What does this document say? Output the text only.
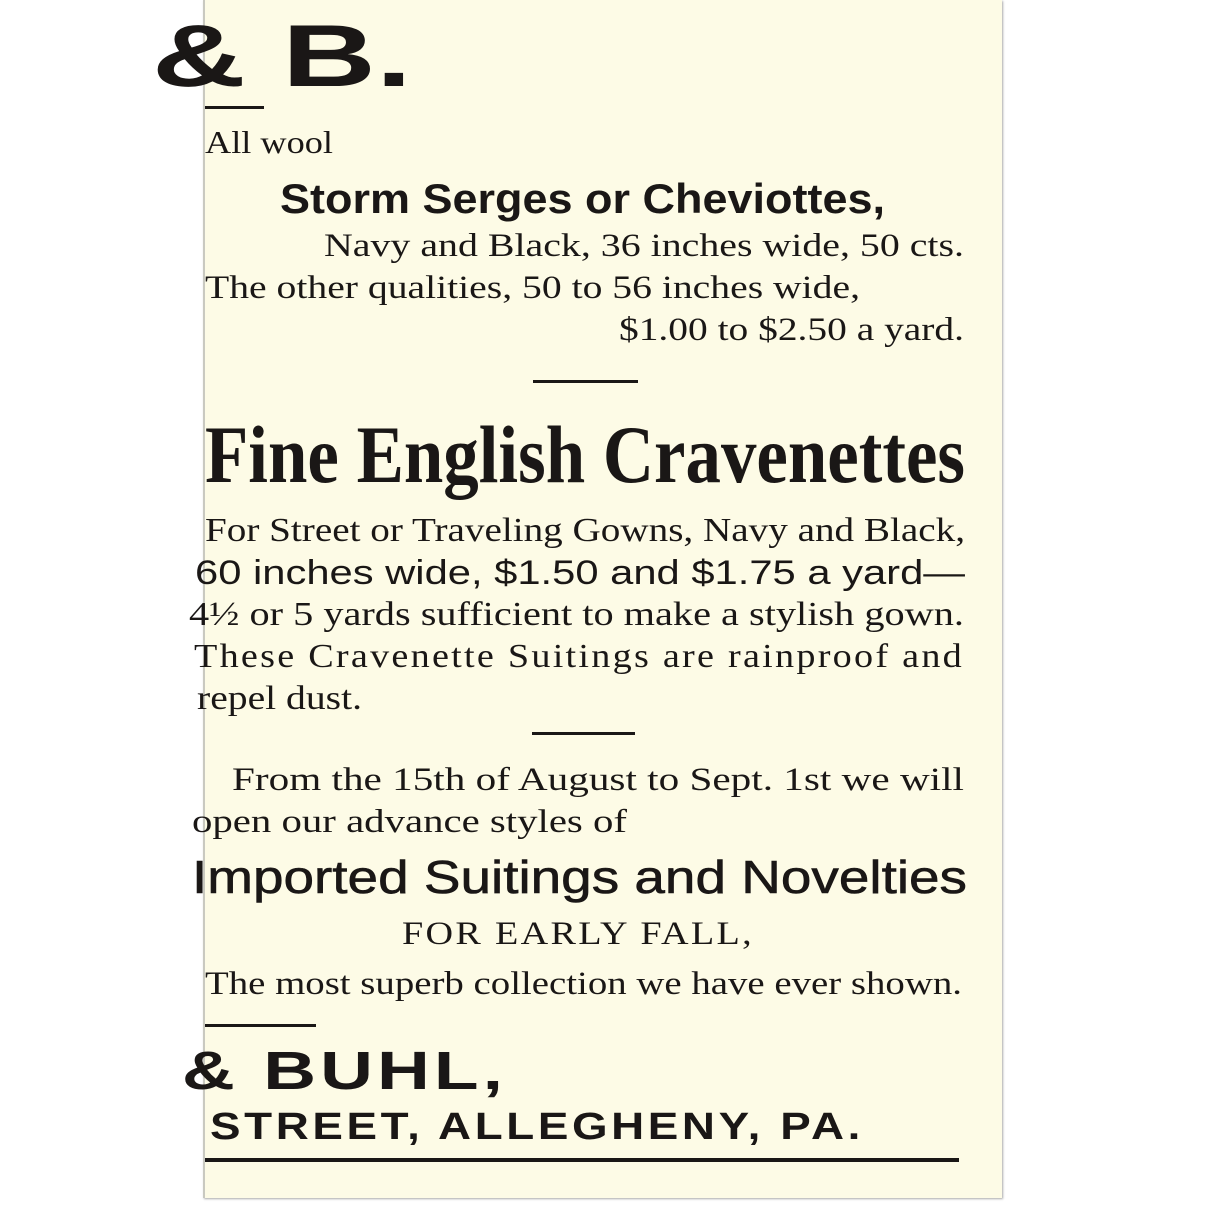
& B.
All wool
Storm Serges or Cheviottes,
Navy and Black, 36 inches wide, 50 cts.
The other qualities, 50 to 56 inches wide,
$1.00 to $2.50 a yard.
Fine English Cravenettes
For Street or Traveling Gowns, Navy and Black,
60 inches wide, $1.50 and $1.75 a yard—
4½ or 5 yards sufficient to make a stylish gown.
These Cravenette Suitings are rainproof and
repel dust.
From the 15th of August to Sept. 1st we will
open our advance styles of
Imported Suitings and Novelties
FOR EARLY FALL,
The most superb collection we have ever shown.
& BUHL,
STREET, ALLEGHENY, PA.
